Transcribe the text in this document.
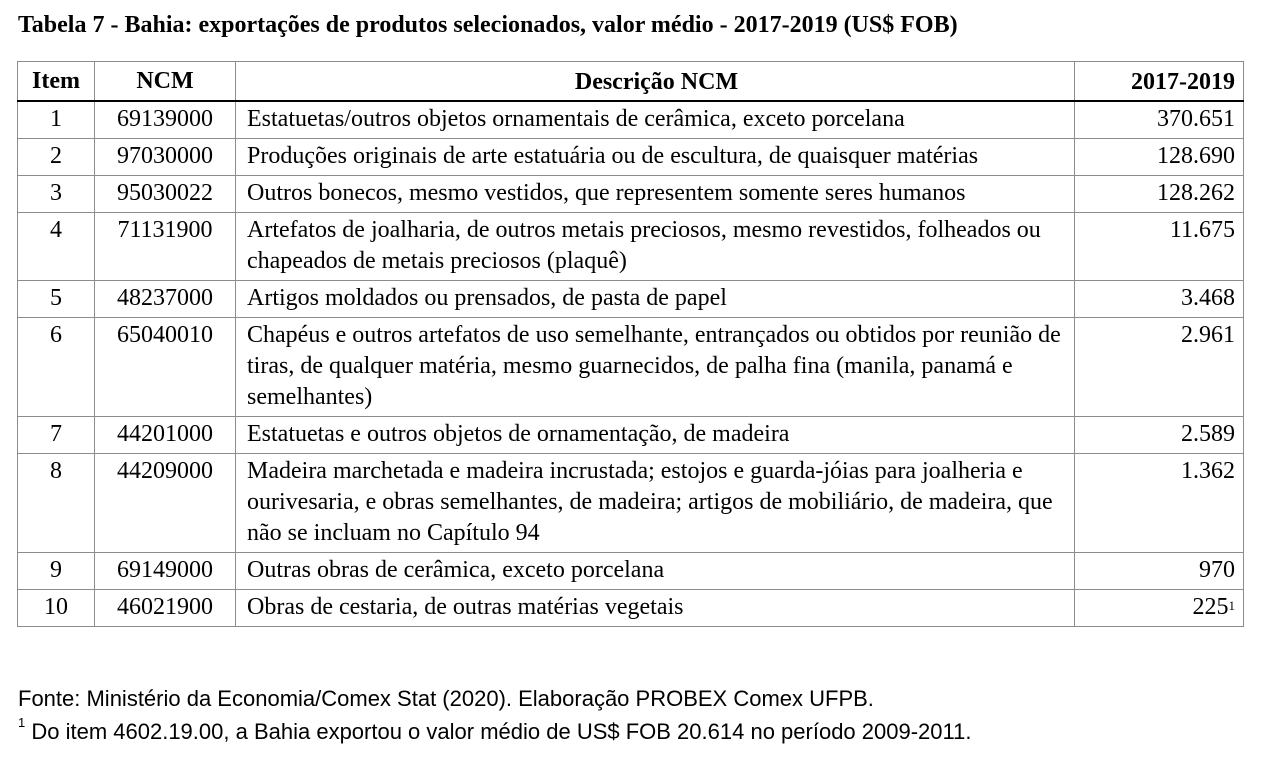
Tabela 7 - Bahia: exportações de produtos selecionados, valor médio - 2017-2019 (US$ FOB)
Item	NCM	Descrição NCM	2017-2019
1	69139000	Estatuetas/outros objetos ornamentais de cerâmica, exceto porcelana	370.651
2	97030000	Produções originais de arte estatuária ou de escultura, de quaisquer matérias	128.690
3	95030022	Outros bonecos, mesmo vestidos, que representem somente seres humanos	128.262
4	71131900	Artefatos de joalharia, de outros metais preciosos, mesmo revestidos, folheados ou chapeados de metais preciosos (plaquê)	11.675
5	48237000	Artigos moldados ou prensados, de pasta de papel	3.468
6	65040010	Chapéus e outros artefatos de uso semelhante, entrançados ou obtidos por reunião de tiras, de qualquer matéria, mesmo guarnecidos, de palha fina (manila, panamá e semelhantes)	2.961
7	44201000	Estatuetas e outros objetos de ornamentação, de madeira	2.589
8	44209000	Madeira marchetada e madeira incrustada; estojos e guarda-jóias para joalheria e ourivesaria, e obras semelhantes, de madeira; artigos de mobiliário, de madeira, que não se incluam no Capítulo 94	1.362
9	69149000	Outras obras de cerâmica, exceto porcelana	970
10	46021900	Obras de cestaria, de outras matérias vegetais	$225^1$
Fonte: Ministério da Economia/Comex Stat (2020). Elaboração PROBEX Comex UFPB.
$^1$ Do item 4602.19.00, a Bahia exportou o valor médio de US$ FOB 20.614 no período 2009-2011.
